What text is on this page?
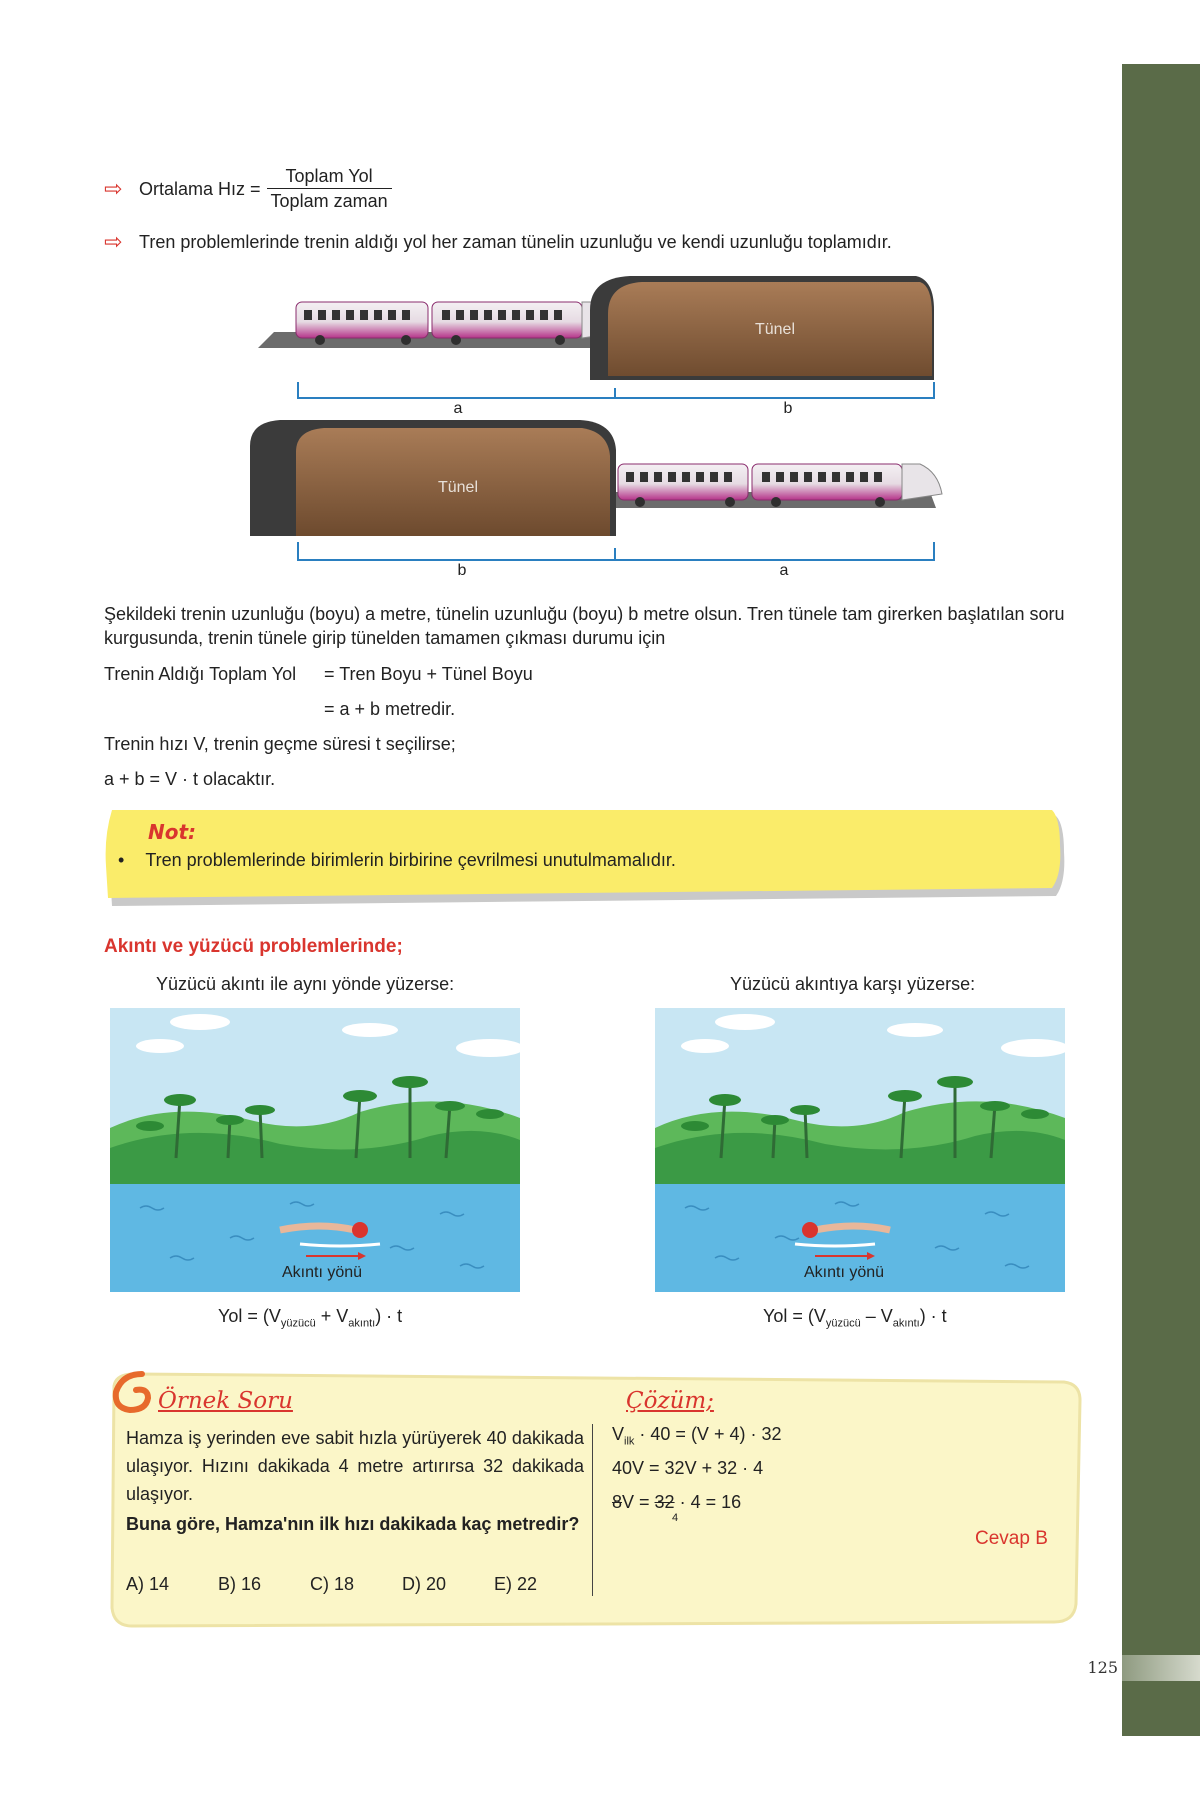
125
⇨ Ortalama Hız = $\frac{\text{Toplam Yol}}{\text{Toplam zaman}}$
⇨ Tren problemlerinde trenin aldığı yol her zaman tünelin uzunluğu ve kendi uzunluğu toplamıdır.
Tünel
Tünel
a	b
b	a
Şekildeki trenin uzunluğu (boyu) a metre, tünelin uzunluğu (boyu) b metre olsun. Tren tünele tam girerken başlatılan soru kurgusunda, trenin tünele girip tünelden tamamen çıkması durumu için
Trenin Aldığı Toplam Yol = Tren Boyu + Tünel Boyu
= a + b metredir.
Trenin hızı V, trenin geçme süresi t seçilirse;
a + b = V · t olacaktır.
Not:
• Tren problemlerinde birimlerin birbirine çevrilmesi unutulmamalıdır.
Akıntı ve yüzücü problemlerinde;
Yüzücü akıntı ile aynı yönde yüzerse:	Yüzücü akıntıya karşı yüzerse:
Akıntı yönü	Akıntı yönü
Yol = $(V_{yüzücü} + V_{akıntı}) \cdot t$	Yol = $(V_{yüzücü} - V_{akıntı}) \cdot t$
Örnek Soru	Çözüm;
Hamza iş yerinden eve sabit hızla yürüyerek 40 dakikada ulaşıyor. Hızını dakikada 4 metre artırırsa 32 dakikada ulaşıyor.
Buna göre, Hamza'nın ilk hızı dakikada kaç metredir?
A) 14	B) 16	C) 18	D) 20	E) 22
$V_{ilk} \cdot 40 = (V + 4) \cdot 32$
40V = 32V + 32 · 4
8V = 32 · 4 = 16
4
Cevap B
